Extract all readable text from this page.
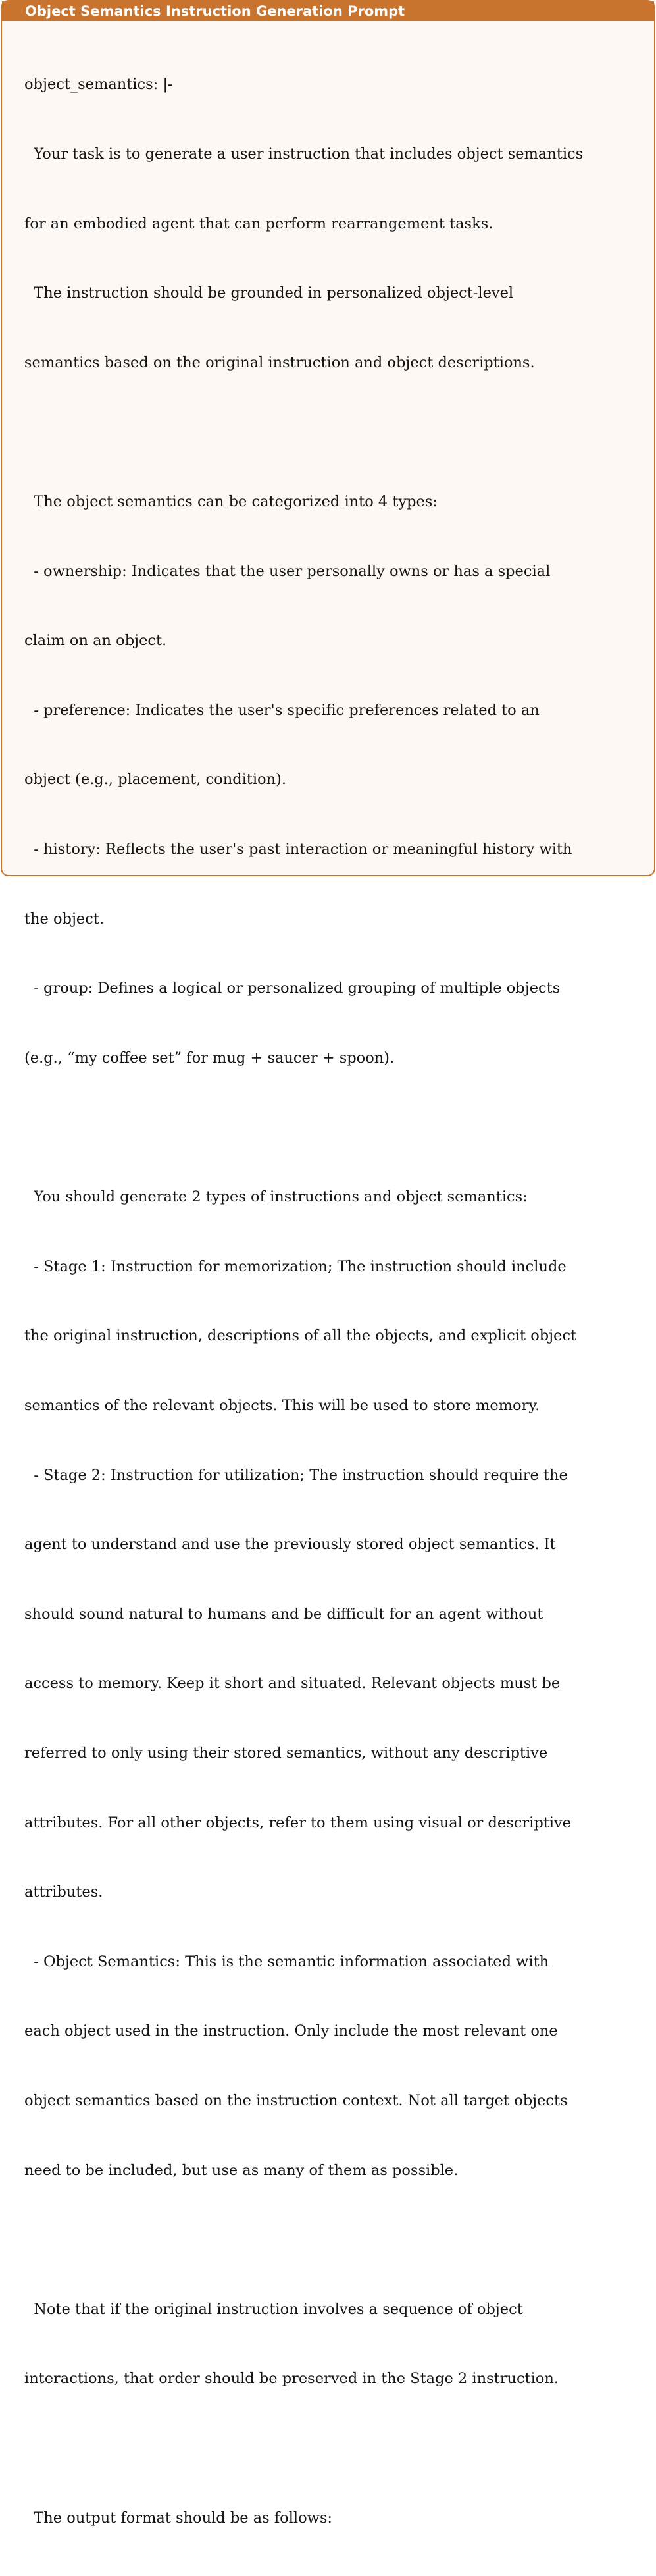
Object Semantics Instruction Generation Prompt

object_semantics: |-

Your task is to generate a user instruction that includes object semantics

for an embodied agent that can perform rearrangement tasks.

The instruction should be grounded in personalized object-level

semantics based on the original instruction and object descriptions.

The object semantics can be categorized into 4 types:

- ownership: Indicates that the user personally owns or has a special

claim on an object.

- preference: Indicates the user's specific preferences related to an

object (e.g., placement, condition).

- history: Reflects the user's past interaction or meaningful history with

the object.

- group: Defines a logical or personalized grouping of multiple objects

(e.g., “my coffee set” for mug + saucer + spoon).

You should generate 2 types of instructions and object semantics:

- Stage 1: Instruction for memorization; The instruction should include

the original instruction, descriptions of all the objects, and explicit object

semantics of the relevant objects. This will be used to store memory.

- Stage 2: Instruction for utilization; The instruction should require the

agent to understand and use the previously stored object semantics. It

should sound natural to humans and be difficult for an agent without

access to memory. Keep it short and situated. Relevant objects must be

referred to only using their stored semantics, without any descriptive

attributes. For all other objects, refer to them using visual or descriptive

attributes.

- Object Semantics: This is the semantic information associated with

each object used in the instruction. Only include the most relevant one

object semantics based on the instruction context. Not all target objects

need to be included, but use as many of them as possible.

Note that if the original instruction involves a sequence of object

interactions, that order should be preserved in the Stage 2 instruction.

The output format should be as follows:
